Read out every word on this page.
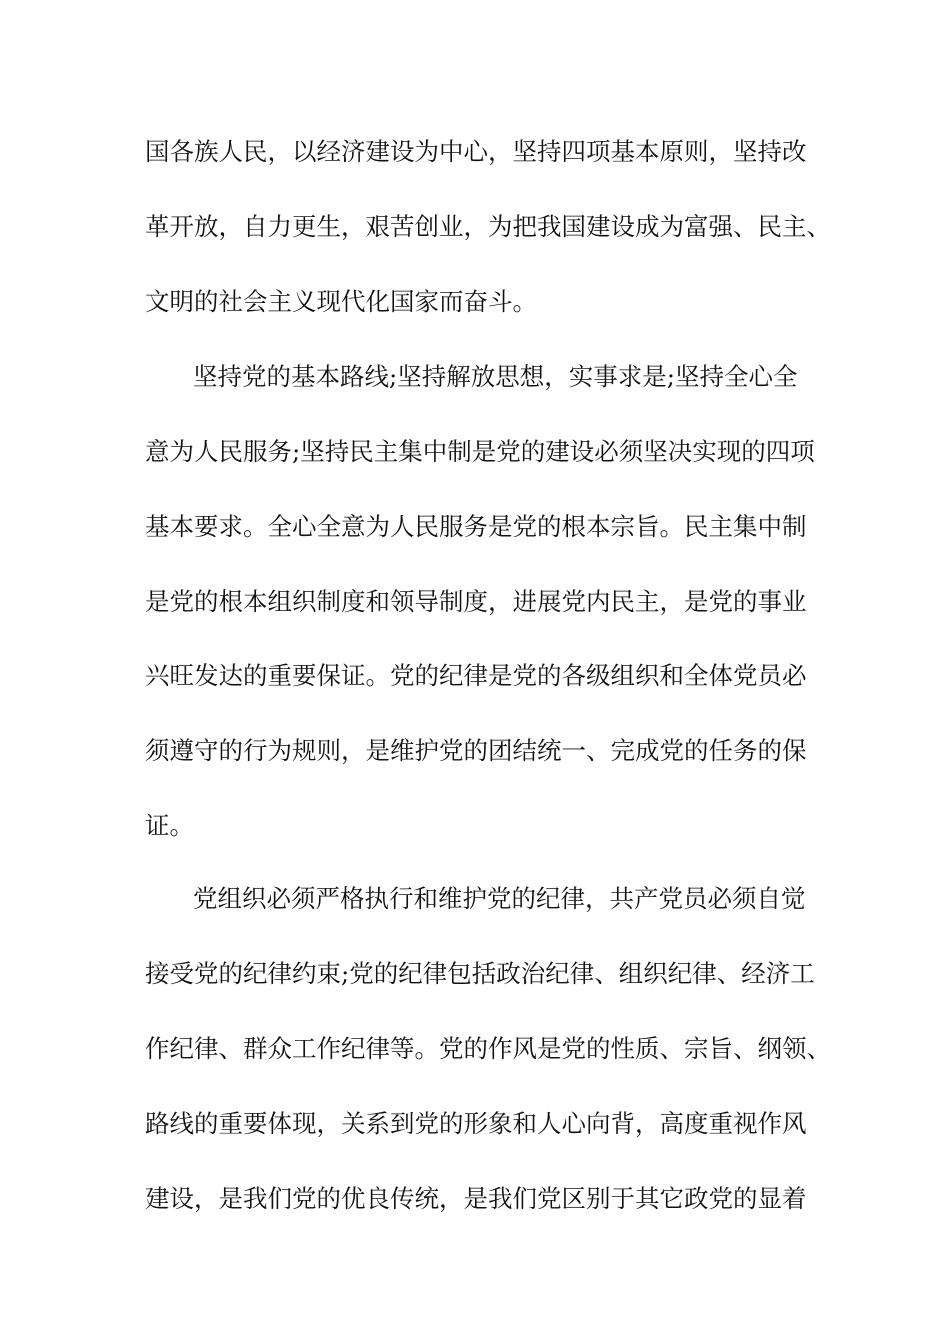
国各族人民，以经济建设为中心，坚持四项基本原则，坚持改
革开放，自力更生，艰苦创业，为把我国建设成为富强、民主、
文明的社会主义现代化国家而奋斗。
坚持党的基本路线;坚持解放思想，实事求是;坚持全心全
意为人民服务;坚持民主集中制是党的建设必须坚决实现的四项
基本要求。全心全意为人民服务是党的根本宗旨。民主集中制
是党的根本组织制度和领导制度，进展党内民主，是党的事业
兴旺发达的重要保证。党的纪律是党的各级组织和全体党员必
须遵守的行为规则，是维护党的团结统一、完成党的任务的保
证。
党组织必须严格执行和维护党的纪律，共产党员必须自觉
接受党的纪律约束;党的纪律包括政治纪律、组织纪律、经济工
作纪律、群众工作纪律等。党的作风是党的性质、宗旨、纲领、
路线的重要体现，关系到党的形象和人心向背，高度重视作风
建设，是我们党的优良传统，是我们党区别于其它政党的显着
